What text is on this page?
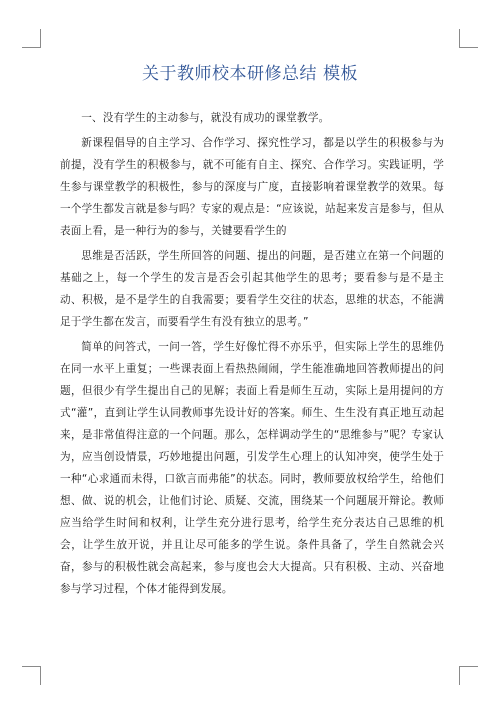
关于教师校本研修总结 模板

一、没有学生的主动参与，就没有成功的课堂教学。

新课程倡导的自主学习、合作学习、探究性学习，都是以学生的积极参与为前提，没有学生的积极参与，就不可能有自主、探究、合作学习。实践证明，学生参与课堂教学的积极性，参与的深度与广度，直接影响着课堂教学的效果。每一个学生都发言就是参与吗？专家的观点是：“应该说，站起来发言是参与，但从表面上看，是一种行为的参与，关键要看学生的

思维是否活跃，学生所回答的问题、提出的问题，是否建立在第一个问题的基础之上，每一个学生的发言是否会引起其他学生的思考；要看参与是不是主动、积极，是不是学生的自我需要；要看学生交往的状态，思维的状态，不能满足于学生都在发言，而要看学生有没有独立的思考。”

简单的问答式，一问一答，学生好像忙得不亦乐乎，但实际上学生的思维仍在同一水平上重复；一些课表面上看热热闹闹，学生能准确地回答教师提出的问题，但很少有学生提出自己的见解；表面上看是师生互动，实际上是用提问的方式“灌”，直到让学生认同教师事先设计好的答案。师生、生生没有真正地互动起来，是非常值得注意的一个问题。那么，怎样调动学生的“思维参与”呢？专家认为，应当创设情景，巧妙地提出问题，引发学生心理上的认知冲突，使学生处于一种“心求通而未得，口欲言而弗能”的状态。同时，教师要放权给学生，给他们想、做、说的机会，让他们讨论、质疑、交流，围绕某一个问题展开辩论。教师应当给学生时间和权利，让学生充分进行思考，给学生充分表达自己思维的机会，让学生放开说，并且让尽可能多的学生说。条件具备了，学生自然就会兴奋，参与的积极性就会高起来，参与度也会大大提高。只有积极、主动、兴奋地参与学习过程，个体才能得到发展。
